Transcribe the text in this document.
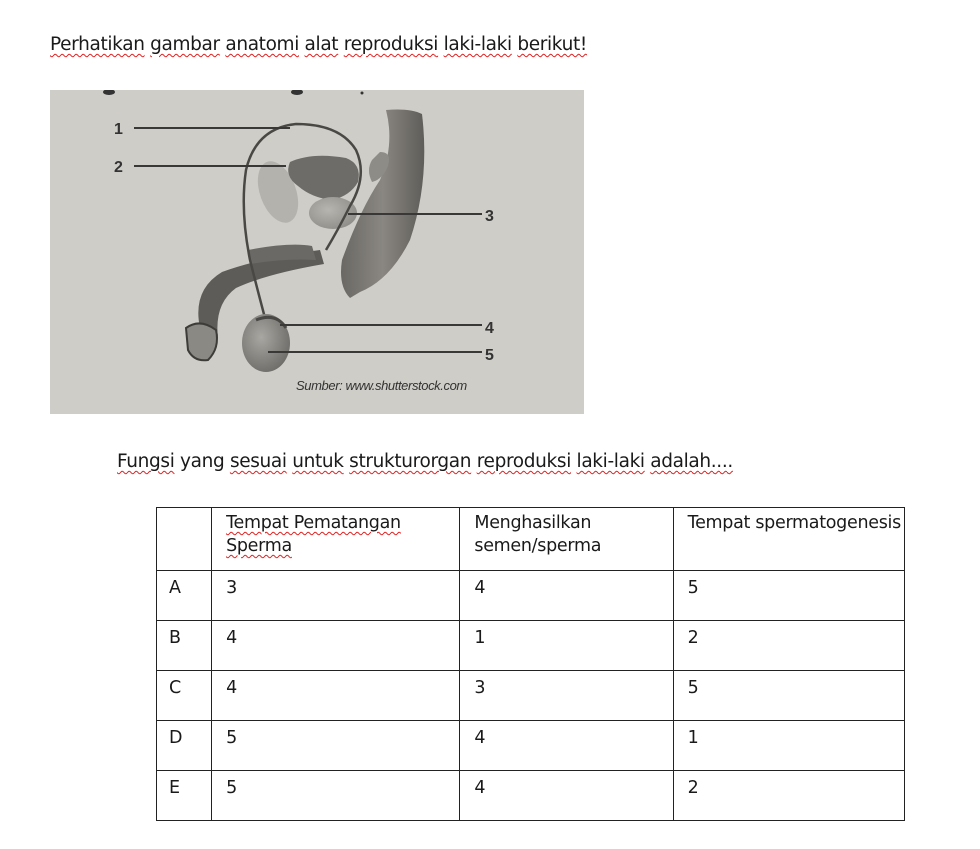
Perhatikan gambar anatomi alat reproduksi laki-laki berikut!
1
2
3
4
5
Sumber: www.shutterstock.com
Fungsi yang sesuai untuk strukturorgan reproduksi laki-laki adalah....
	Tempat Pematangan Sperma	Menghasilkan semen/sperma	Tempat spermatogenesis
A	3	4	5
B	4	1	2
C	4	3	5
D	5	4	1
E	5	4	2
